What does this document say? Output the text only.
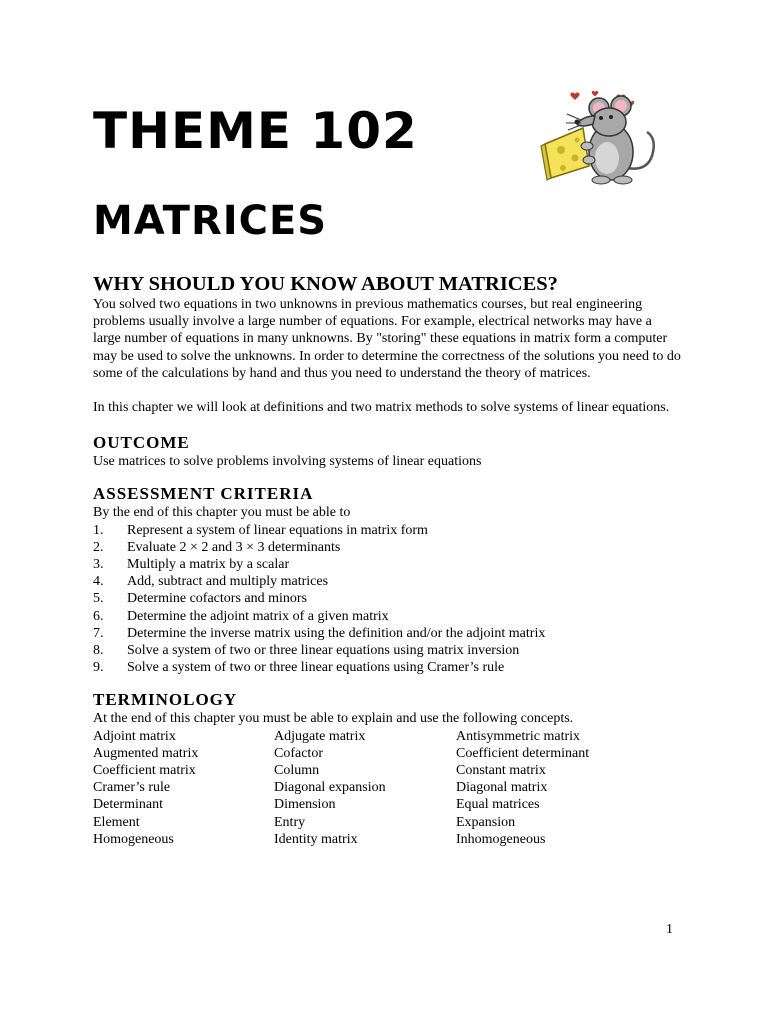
THEME 102
MATRICES
WHY SHOULD YOU KNOW ABOUT MATRICES?

You solved two equations in two unknowns in previous mathematics courses, but real engineering problems usually involve a large number of equations. For example, electrical networks may have a large number of equations in many unknowns. By "storing" these equations in matrix form a computer may be used to solve the unknowns. In order to determine the correctness of the solutions you need to do some of the calculations by hand and thus you need to understand the theory of matrices.

In this chapter we will look at definitions and two matrix methods to solve systems of linear equations.

OUTCOME

Use matrices to solve problems involving systems of linear equations

ASSESSMENT CRITERIA

By the end of this chapter you must be able to

1.	Represent a system of linear equations in matrix form
2.	Evaluate 2 × 2 and 3 × 3 determinants
3.	Multiply a matrix by a scalar
4.	Add, subtract and multiply matrices
5.	Determine cofactors and minors
6.	Determine the adjoint matrix of a given matrix
7.	Determine the inverse matrix using the definition and/or the adjoint matrix
8.	Solve a system of two or three linear equations using matrix inversion
9.	Solve a system of two or three linear equations using Cramer’s rule
TERMINOLOGY

At the end of this chapter you must be able to explain and use the following concepts.

Adjoint matrix	Adjugate matrix	Antisymmetric matrix
Augmented matrix	Cofactor	Coefficient determinant
Coefficient matrix	Column	Constant matrix
Cramer’s rule	Diagonal expansion	Diagonal matrix
Determinant	Dimension	Equal matrices
Element	Entry	Expansion
Homogeneous	Identity matrix	Inhomogeneous
1
